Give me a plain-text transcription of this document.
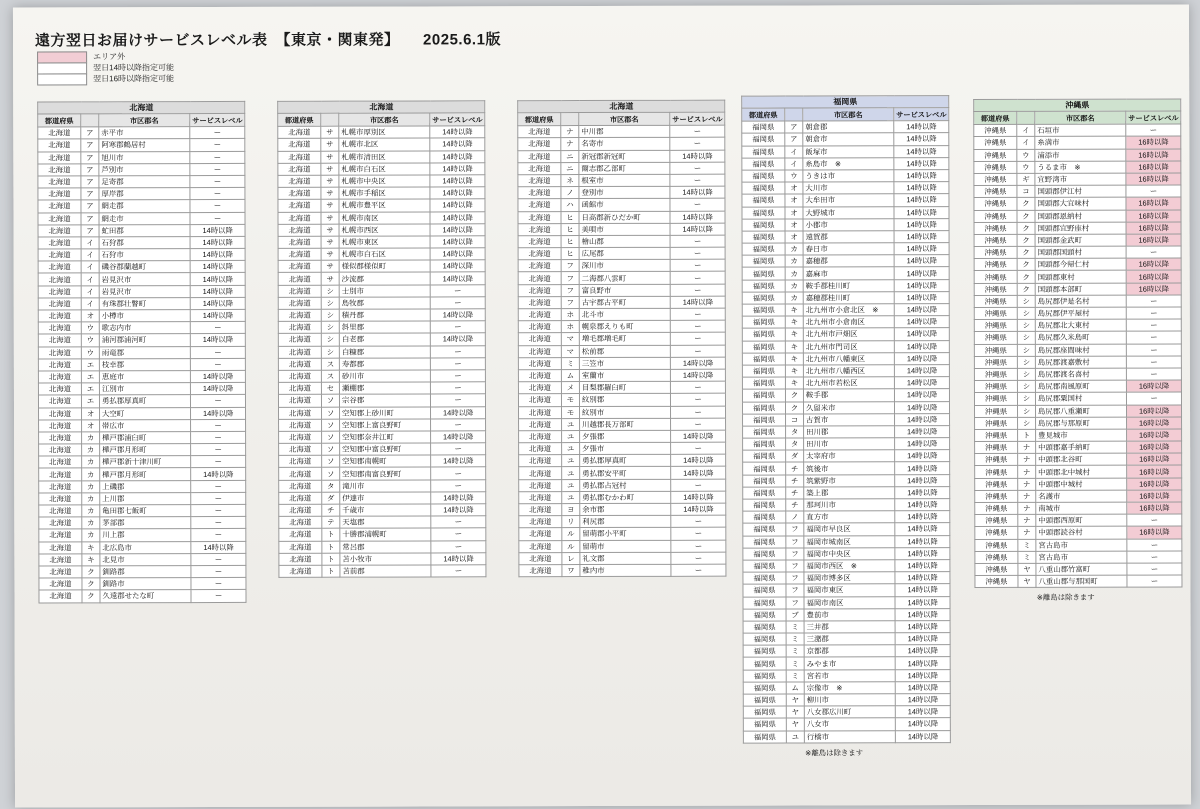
遠方翌日お届けサービスレベル表　【東京・関東発】　　2025.6.1版
エリア外
翌日14時以降指定可能
翌日16時以降指定可能
北海道			
都道府県		市区郡名	サービスレベル
北海道	ア	赤平市	ー
北海道	ア	阿寒郡鶴居村	ー
北海道	ア	旭川市	ー
北海道	ア	芦別市	ー
北海道	ア	足寄郡	ー
北海道	ア	厚岸郡	ー
北海道	ア	網走郡	ー
北海道	ア	網走市	ー
北海道	ア	虻田郡	14時以降
北海道	イ	石狩郡	14時以降
北海道	イ	石狩市	14時以降
北海道	イ	磯谷郡蘭越町	14時以降
北海道	イ	岩見沢市	14時以降
北海道	イ	岩見沢市	14時以降
北海道	イ	有珠郡壮瞥町	14時以降
北海道	オ	小樽市	14時以降
北海道	ウ	歌志内市	ー
北海道	ウ	浦河郡浦河町	14時以降
北海道	ウ	雨竜郡	ー
北海道	エ	枝幸郡	ー
北海道	エ	恵庭市	14時以降
北海道	エ	江別市	14時以降
北海道	エ	勇払郡厚真町	ー
北海道	オ	大空町	14時以降
北海道	オ	帯広市	ー
北海道	カ	樺戸郡浦臼町	ー
北海道	カ	樺戸郡月形町	ー
北海道	カ	樺戸郡新十津川町	ー
北海道	カ	樺戸郡月形町	14時以降
北海道	カ	上磯郡	ー
北海道	カ	上川郡	ー
北海道	カ	亀田郡七飯町	ー
北海道	カ	茅部郡	ー
北海道	カ	川上郡	ー
北海道	キ	北広島市	14時以降
北海道	キ	北見市	ー
北海道	ク	釧路郡	ー
北海道	ク	釧路市	ー
北海道	ク	久遠郡せたな町	ー
北海道			
都道府県		市区郡名	サービスレベル
北海道	サ	札幌市厚別区	14時以降
北海道	サ	札幌市北区	14時以降
北海道	サ	札幌市清田区	14時以降
北海道	サ	札幌市白石区	14時以降
北海道	サ	札幌市中央区	14時以降
北海道	サ	札幌市手稲区	14時以降
北海道	サ	札幌市豊平区	14時以降
北海道	サ	札幌市南区	14時以降
北海道	サ	札幌市西区	14時以降
北海道	サ	札幌市東区	14時以降
北海道	サ	札幌市白石区	14時以降
北海道	サ	様似郡様似町	14時以降
北海道	サ	沙流郡	14時以降
北海道	シ	士別市	ー
北海道	シ	島牧郡	ー
北海道	シ	積丹郡	14時以降
北海道	シ	斜里郡	ー
北海道	シ	白老郡	14時以降
北海道	シ	白糠郡	ー
北海道	ス	寿都郡	ー
北海道	ス	砂川市	ー
北海道	セ	瀬棚郡	ー
北海道	ソ	宗谷郡	ー
北海道	ソ	空知郡上砂川町	14時以降
北海道	ソ	空知郡上富良野町	ー
北海道	ソ	空知郡奈井江町	14時以降
北海道	ソ	空知郡中富良野町	ー
北海道	ソ	空知郡南幌町	14時以降
北海道	ソ	空知郡南富良野町	ー
北海道	タ	滝川市	ー
北海道	ダ	伊達市	14時以降
北海道	チ	千歳市	14時以降
北海道	テ	天塩郡	ー
北海道	ト	十勝郡浦幌町	ー
北海道	ト	常呂郡	ー
北海道	ト	苫小牧市	14時以降
北海道	ト	苫前郡	ー
北海道			
都道府県		市区郡名	サービスレベル
北海道	ナ	中川郡	ー
北海道	ナ	名寄市	ー
北海道	ニ	新冠郡新冠町	14時以降
北海道	ニ	爾志郡乙部町	ー
北海道	ネ	根室市	ー
北海道	ノ	登別市	14時以降
北海道	ハ	函館市	ー
北海道	ヒ	日高郡新ひだか町	14時以降
北海道	ヒ	美唄市	14時以降
北海道	ヒ	檜山郡	ー
北海道	ヒ	広尾郡	ー
北海道	フ	深川市	ー
北海道	フ	二海郡八雲町	ー
北海道	フ	富良野市	ー
北海道	フ	古宇郡古平町	14時以降
北海道	ホ	北斗市	ー
北海道	ホ	幌泉郡えりも町	ー
北海道	マ	増毛郡増毛町	ー
北海道	マ	松前郡	ー
北海道	ミ	三笠市	14時以降
北海道	ム	室蘭市	14時以降
北海道	メ	目梨郡羅臼町	ー
北海道	モ	紋別郡	ー
北海道	モ	紋別市	ー
北海道	ユ	川越郡長万部町	ー
北海道	ユ	夕張郡	14時以降
北海道	ユ	夕張市	ー
北海道	ユ	勇払郡厚真町	14時以降
北海道	ユ	勇払郡安平町	14時以降
北海道	ユ	勇払郡占冠村	ー
北海道	ユ	勇払郡むかわ町	14時以降
北海道	ヨ	余市郡	14時以降
北海道	リ	利尻郡	ー
北海道	ル	留萌郡小平町	ー
北海道	ル	留萌市	ー
北海道	レ	礼文郡	ー
北海道	ワ	稚内市	ー
福岡県			
都道府県		市区郡名	サービスレベル
福岡県	ア	朝倉郡	14時以降
福岡県	ア	朝倉市	14時以降
福岡県	イ	飯塚市	14時以降
福岡県	イ	糸島市　※	14時以降
福岡県	ウ	うきは市	14時以降
福岡県	オ	大川市	14時以降
福岡県	オ	大牟田市	14時以降
福岡県	オ	大野城市	14時以降
福岡県	オ	小郡市	14時以降
福岡県	オ	遠賀郡	14時以降
福岡県	カ	春日市	14時以降
福岡県	カ	嘉穂郡	14時以降
福岡県	カ	嘉麻市	14時以降
福岡県	カ	鞍手郡桂川町	14時以降
福岡県	カ	嘉穂郡桂川町	14時以降
福岡県	キ	北九州市小倉北区　※	14時以降
福岡県	キ	北九州市小倉南区	14時以降
福岡県	キ	北九州市戸畑区	14時以降
福岡県	キ	北九州市門司区	14時以降
福岡県	キ	北九州市八幡東区	14時以降
福岡県	キ	北九州市八幡西区	14時以降
福岡県	キ	北九州市若松区	14時以降
福岡県	ク	鞍手郡	14時以降
福岡県	ク	久留米市	14時以降
福岡県	コ	古賀市	14時以降
福岡県	タ	田川郡	14時以降
福岡県	タ	田川市	14時以降
福岡県	ダ	太宰府市	14時以降
福岡県	チ	筑後市	14時以降
福岡県	チ	筑紫野市	14時以降
福岡県	チ	築上郡	14時以降
福岡県	チ	那珂川市	14時以降
福岡県	ノ	直方市	14時以降
福岡県	フ	福岡市早良区	14時以降
福岡県	フ	福岡市城南区	14時以降
福岡県	フ	福岡市中央区	14時以降
福岡県	フ	福岡市西区　※	14時以降
福岡県	フ	福岡市博多区	14時以降
福岡県	フ	福岡市東区	14時以降
福岡県	フ	福岡市南区	14時以降
福岡県	ブ	豊前市	14時以降
福岡県	ミ	三井郡	14時以降
福岡県	ミ	三潴郡	14時以降
福岡県	ミ	京都郡	14時以降
福岡県	ミ	みやま市	14時以降
福岡県	ミ	宮若市	14時以降
福岡県	ム	宗像市　※	14時以降
福岡県	ヤ	柳川市	14時以降
福岡県	ヤ	八女郡広川町	14時以降
福岡県	ヤ	八女市	14時以降
福岡県	ユ	行橋市	14時以降
沖縄県			
都道府県		市区郡名	サービスレベル
沖縄県	イ	石垣市	ー
沖縄県	イ	糸満市	16時以降
沖縄県	ウ	浦添市	16時以降
沖縄県	ウ	うるま市　※	16時以降
沖縄県	ギ	宜野湾市	16時以降
沖縄県	コ	国頭郡伊江村	ー
沖縄県	ク	国頭郡大宜味村	16時以降
沖縄県	ク	国頭郡恩納村	16時以降
沖縄県	ク	国頭郡宜野座村	16時以降
沖縄県	ク	国頭郡金武町	16時以降
沖縄県	ク	国頭郡国頭村	ー
沖縄県	ク	国頭郡今帰仁村	16時以降
沖縄県	ク	国頭郡東村	16時以降
沖縄県	ク	国頭郡本部町	16時以降
沖縄県	シ	島尻郡伊是名村	ー
沖縄県	シ	島尻郡伊平屋村	ー
沖縄県	シ	島尻郡北大東村	ー
沖縄県	シ	島尻郡久米島町	ー
沖縄県	シ	島尻郡座間味村	ー
沖縄県	シ	島尻郡渡嘉敷村	ー
沖縄県	シ	島尻郡渡名喜村	ー
沖縄県	シ	島尻郡南風原町	16時以降
沖縄県	シ	島尻郡粟国村	ー
沖縄県	シ	島尻郡八重瀬町	16時以降
沖縄県	シ	島尻郡与那原町	16時以降
沖縄県	ト	豊見城市	16時以降
沖縄県	ナ	中頭郡嘉手納町	16時以降
沖縄県	ナ	中頭郡北谷町	16時以降
沖縄県	ナ	中頭郡北中城村	16時以降
沖縄県	ナ	中頭郡中城村	16時以降
沖縄県	ナ	名護市	16時以降
沖縄県	ナ	南城市	16時以降
沖縄県	ナ	中頭郡西原町	ー
沖縄県	ナ	中頭郡読谷村	16時以降
沖縄県	ミ	宮古島市	ー
沖縄県	ミ	宮古島市	ー
沖縄県	ヤ	八重山郡竹富町	ー
沖縄県	ヤ	八重山郡与那国町	ー
※離島は除きます
※離島は除きます
